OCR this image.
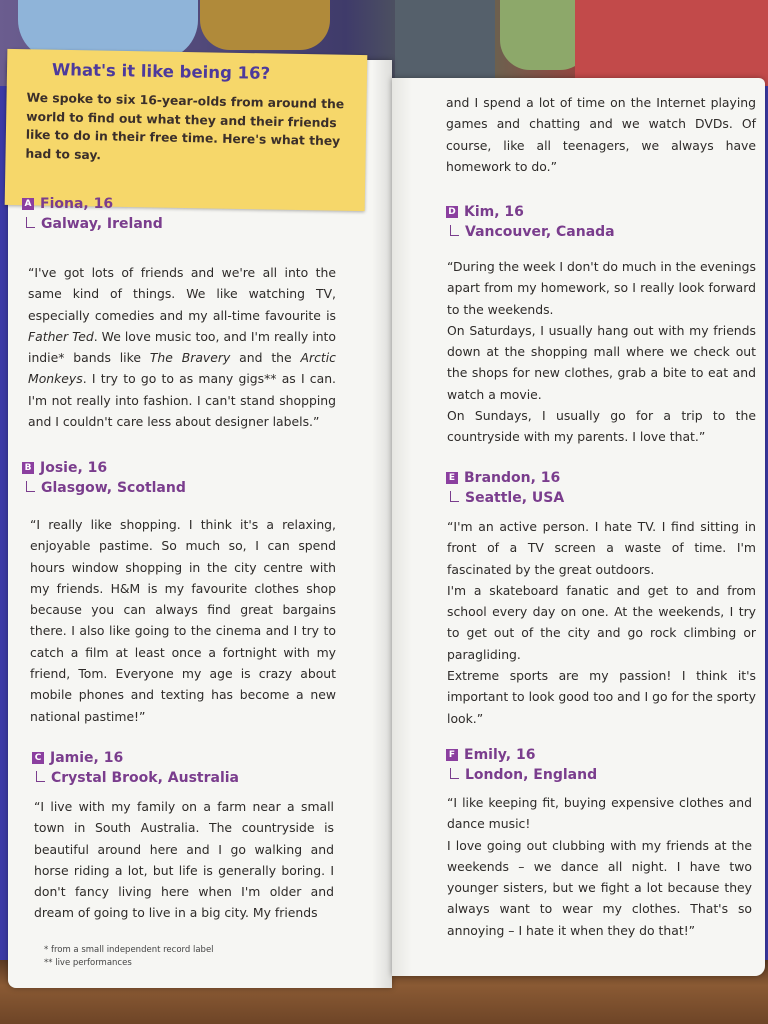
What's it like being 16?
We spoke to six 16-year-olds from around the world to find out what they and their friends like to do in their free time. Here's what they had to say.
A Fiona, 16
Galway, Ireland

“I've got lots of friends and we're all into the same kind of things. We like watching TV, especially comedies and my all-time favourite is Father Ted. We love music too, and I'm really into indie* bands like The Bravery and the Arctic Monkeys. I try to go to as many gigs** as I can. I'm not really into fashion. I can't stand shopping and I couldn't care less about designer labels.”

B Josie, 16
Glasgow, Scotland

“I really like shopping. I think it's a relaxing, enjoyable pastime. So much so, I can spend hours window shopping in the city centre with my friends. H&M is my favourite clothes shop because you can always find great bargains there. I also like going to the cinema and I try to catch a film at least once a fortnight with my friend, Tom. Everyone my age is crazy about mobile phones and texting has become a new national pastime!”

C Jamie, 16
Crystal Brook, Australia

“I live with my family on a farm near a small town in South Australia. The countryside is beautiful around here and I go walking and horse riding a lot, but life is generally boring. I don't fancy living here when I'm older and dream of going to live in a big city. My friends

* from a small independent record label
** live performances

and I spend a lot of time on the Internet playing games and chatting and we watch DVDs. Of course, like all teenagers, we always have homework to do.”

D Kim, 16
Vancouver, Canada

“During the week I don't do much in the evenings apart from my homework, so I really look forward to the weekends.

On Saturdays, I usually hang out with my friends down at the shopping mall where we check out the shops for new clothes, grab a bite to eat and watch a movie.

On Sundays, I usually go for a trip to the countryside with my parents. I love that.”

E Brandon, 16
Seattle, USA

“I'm an active person. I hate TV. I find sitting in front of a TV screen a waste of time. I'm fascinated by the great outdoors.

I'm a skateboard fanatic and get to and from school every day on one. At the weekends, I try to get out of the city and go rock climbing or paragliding.

Extreme sports are my passion! I think it's important to look good too and I go for the sporty look.”

F Emily, 16
London, England

“I like keeping fit, buying expensive clothes and dance music!

I love going out clubbing with my friends at the weekends – we dance all night. I have two younger sisters, but we fight a lot because they always want to wear my clothes. That's so annoying – I hate it when they do that!”
